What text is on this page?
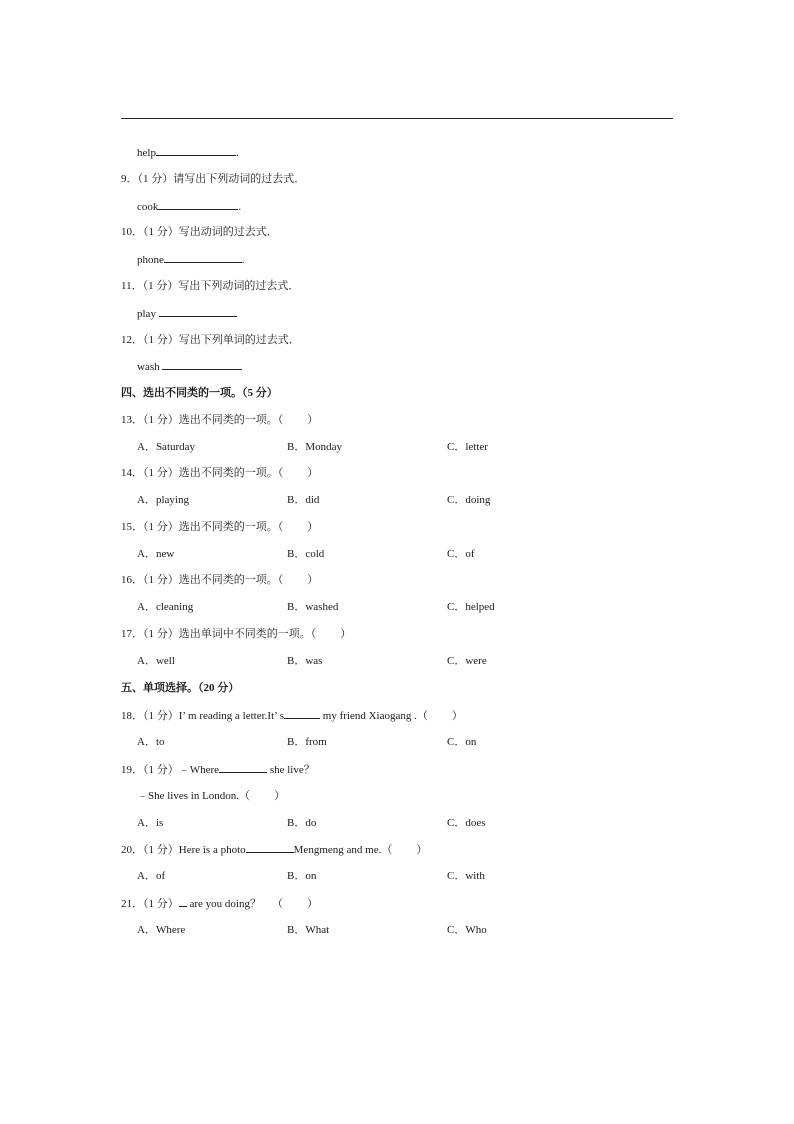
help	.
9．（1 分）请写出下列动词的过去式．
cook	.
10．（1 分）写出动词的过去式．
phone	.
11．（1 分）写出下列动词的过去式．
play
12．（1 分）写出下列单词的过去式．
wash
四、选出不同类的一项。（5 分）
13．（1 分）选出不同类的一项。（ ）
A．Saturday	B．Monday	C．letter
14．（1 分）选出不同类的一项。（ ）
A．playing	B．did	C．doing
15．（1 分）选出不同类的一项。（ ）
A．new	B．cold	C．of
16．（1 分）选出不同类的一项。（ ）
A．cleaning	B．washed	C．helped
17．（1 分）选出单词中不同类的一项。（ ）
A．well	B．was	C．were
五、单项选择。（20 分）
18．（1 分）I’ m reading a letter.It’ s	my friend Xiaogang .（ ）
A．to	B．from	C．on
19．（1 分）﹣Where	she live？
﹣She lives in London.（ ）
A．is	B．do	C．does
20．（1 分）Here is a photo	Mengmeng and me.（ ）
A．of	B．on	C．with
21．（1 分） are you doing？ （ ）
A．Where	B．What	C．Who
